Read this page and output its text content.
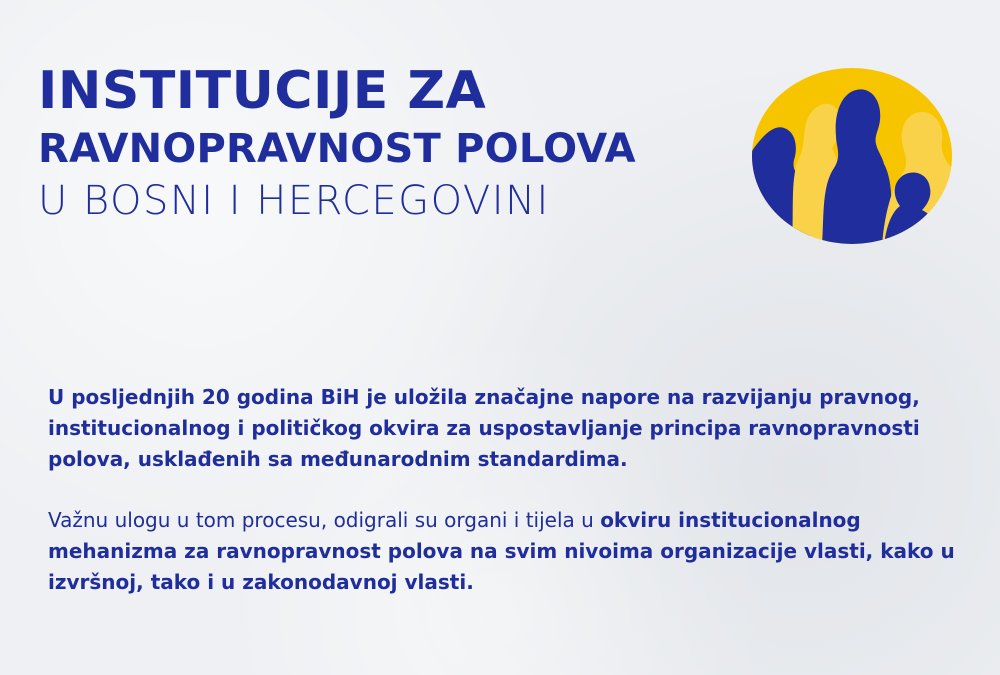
INSTITUCIJE ZA
RAVNOPRAVNOST POLOVA
U BOSNI I HERCEGOVINI

U posljednjih 20 godina BiH je uložila značajne napore na razvijanju pravnog, institucionalnog i političkog okvira za uspostavljanje principa ravnopravnosti polova, usklađenih sa međunarodnim standardima.

Važnu ulogu u tom procesu, odigrali su organi i tijela u okviru institucionalnog mehanizma za ravnopravnost polova na svim nivoima organizacije vlasti, kako u izvršnoj, tako i u zakonodavnoj vlasti.
